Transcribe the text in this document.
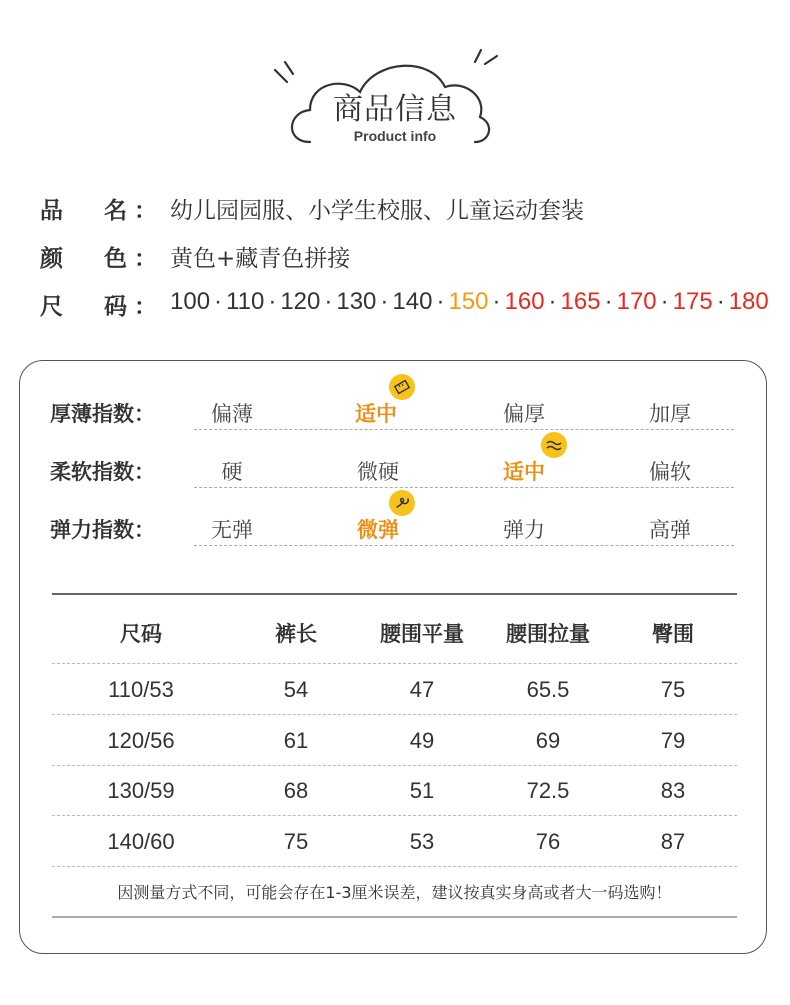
商品信息
Product info
品 名 ： 幼儿园园服、小学生校服、儿童运动套装
颜 色 ： 黄色+藏青色拼接
尺 码 ： 100 · 110 · 120 · 130 · 140 · 150 · 160 · 165 · 170 · 175 · 180
厚薄指数：	偏薄	适中	偏厚	加厚
柔软指数：	硬	微硬	适中	偏软
弹力指数：	无弹	微弹	弹力	高弹
尺码	裤长	腰围平量	腰围拉量	臀围
110/53	54	47	65.5	75
120/56	61	49	69	79
130/59	68	51	72.5	83
140/60	75	53	76	87
因测量方式不同，可能会存在1-3厘米误差，建议按真实身高或者大一码选购！
